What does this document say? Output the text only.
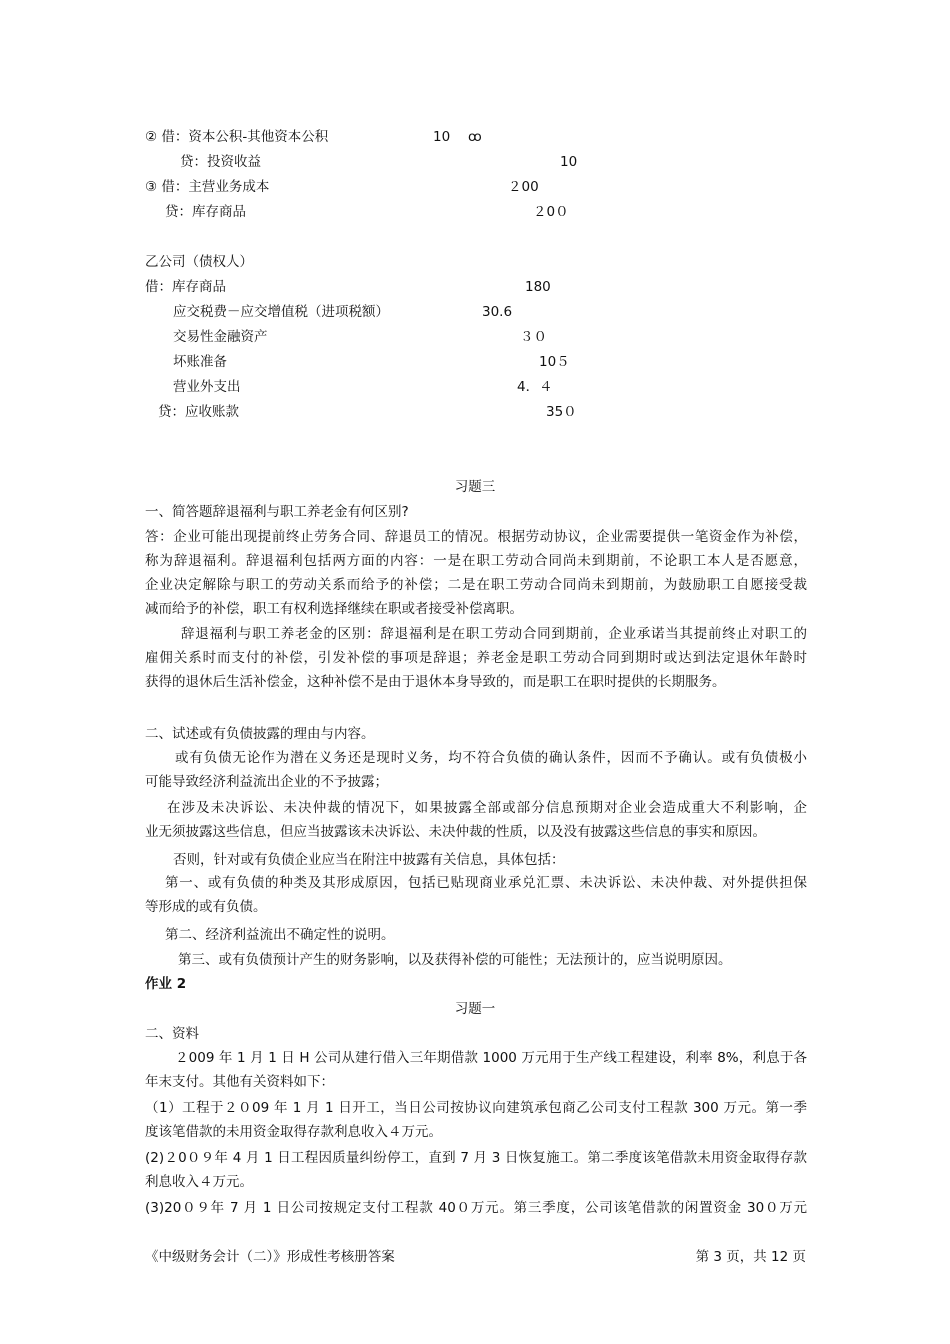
② 借：资本公积-其他资本公积	10 ꝏ
贷：投资收益	10
③ 借：主营业务成本	２00
贷：库存商品	２0０
乙公司（债权人）
借：库存商品	180
应交税费－应交增值税（进项税额）	30.6
交易性金融资产	３０
坏账准备	10５
营业外支出	4．４
贷：应收账款	35０
习题三
一、简答题辞退福利与职工养老金有何区别?
答：企业可能出现提前终止劳务合同、辞退员工的情况。根据劳动协议，企业需要提供一笔资金作为补偿，
称为辞退福利。辞退福利包括两方面的内容：一是在职工劳动合同尚未到期前，不论职工本人是否愿意，
企业决定解除与职工的劳动关系而给予的补偿；二是在职工劳动合同尚未到期前，为鼓励职工自愿接受裁
减而给予的补偿，职工有权利选择继续在职或者接受补偿离职。
辞退福利与职工养老金的区别：辞退福利是在职工劳动合同到期前，企业承诺当其提前终止对职工的
雇佣关系时而支付的补偿，引发补偿的事项是辞退；养老金是职工劳动合同到期时或达到法定退休年龄时
获得的退休后生活补偿金，这种补偿不是由于退休本身导致的，而是职工在职时提供的长期服务。
二、试述或有负债披露的理由与内容。
或有负债无论作为潜在义务还是现时义务，均不符合负债的确认条件，因而不予确认。或有负债极小
可能导致经济利益流出企业的不予披露；
在涉及未决诉讼、未决仲裁的情况下，如果披露全部或部分信息预期对企业会造成重大不利影响，企
业无须披露这些信息，但应当披露该未决诉讼、未决仲裁的性质，以及没有披露这些信息的事实和原因。
否则，针对或有负债企业应当在附注中披露有关信息，具体包括：
第一、或有负债的种类及其形成原因，包括已贴现商业承兑汇票、未决诉讼、未决仲裁、对外提供担保
等形成的或有负债。
第二、经济利益流出不确定性的说明。
第三、或有负债预计产生的财务影响，以及获得补偿的可能性；无法预计的，应当说明原因。
作业 2
习题一
二、资料
２009 年 1 月 1 日 H 公司从建行借入三年期借款 1000 万元用于生产线工程建设，利率 8%，利息于各
年末支付。其他有关资料如下：
（1）工程于２０09 年 1 月 1 日开工，当日公司按协议向建筑承包商乙公司支付工程款 300 万元。第一季
度该笔借款的未用资金取得存款利息收入４万元。
(2)２0０９年 4 月 1 日工程因质量纠纷停工，直到 7 月 3 日恢复施工。第二季度该笔借款未用资金取得存款
利息收入４万元。
(3)20０９年 7 月 1 日公司按规定支付工程款 40０万元。第三季度，公司该笔借款的闲置资金 30０万元
《中级财务会计（二）》形成性考核册答案	第 3 页，共 12 页
